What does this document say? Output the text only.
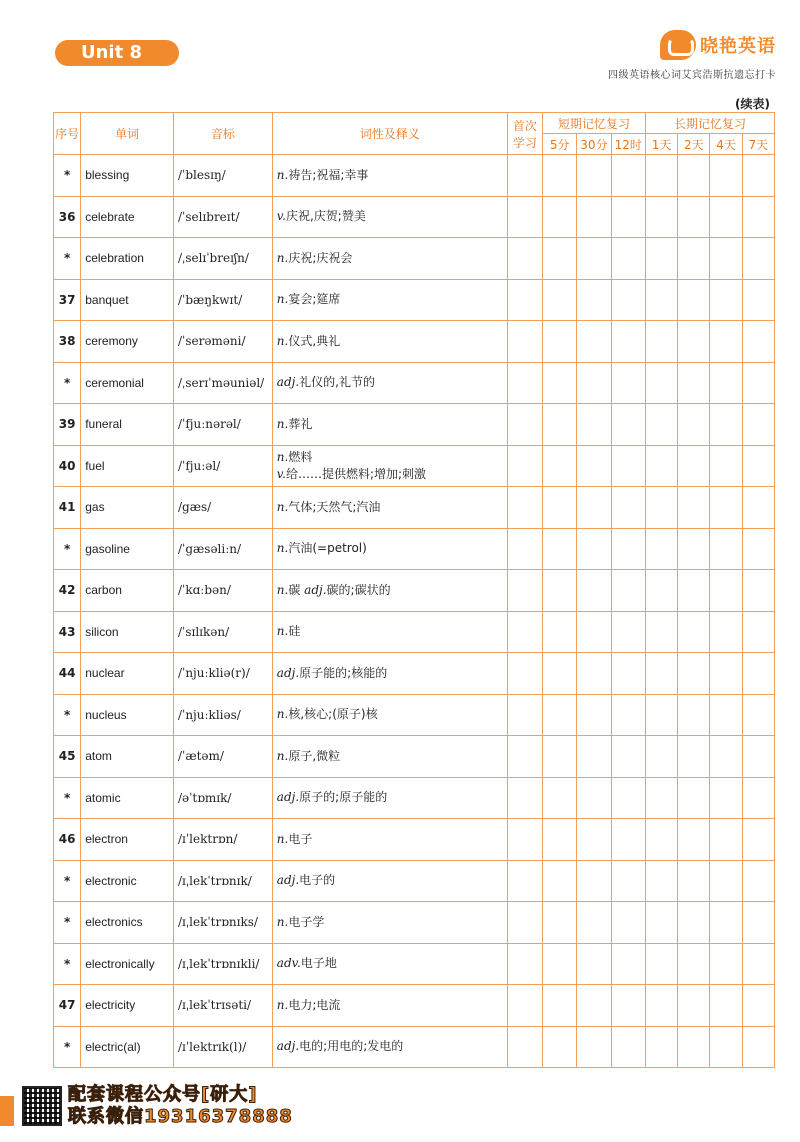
Unit 8	晓艳英语
四级英语核心词艾宾浩斯抗遗忘打卡
(续表)
序号	单词	音标	词性及释义	首次学习	短期记忆复习			长期记忆复习			
					5分	30分	12时	1天	2天	4天	7天
*	blessing	/ˈblesɪŋ/	n.祷告;祝福;幸事								

36	celebrate	/ˈselɪbreɪt/	v.庆祝,庆贺;赞美								

*	celebration	/ˌselɪˈbreɪʃn/	n.庆祝;庆祝会								

37	banquet	/ˈbæŋkwɪt/	n.宴会;筵席								

38	ceremony	/ˈserəməni/	n.仪式,典礼								

*	ceremonial	/ˌserɪˈməuniəl/	adj.礼仪的,礼节的								

39	funeral	/ˈfjuːnərəl/	n.葬礼								

40	fuel	/ˈfjuːəl/	n.燃料
v.给……提供燃料;增加;刺激								

41	gas	/gæs/	n.气体;天然气;汽油								

*	gasoline	/ˈgæsəliːn/	n.汽油(=petrol)								

42	carbon	/ˈkɑːbən/	n.碳 adj.碳的;碳状的								

43	silicon	/ˈsɪlɪkən/	n.硅								

44	nuclear	/ˈnjuːkliə(r)/	adj.原子能的;核能的								

*	nucleus	/ˈnjuːkliəs/	n.核,核心;(原子)核								

45	atom	/ˈætəm/	n.原子,微粒								

*	atomic	/əˈtɒmɪk/	adj.原子的;原子能的								

46	electron	/ɪˈlektrɒn/	n.电子								

*	electronic	/ɪˌlekˈtrɒnɪk/	adj.电子的								

*	electronics	/ɪˌlekˈtrɒnɪks/	n.电子学								

*	electronically	/ɪˌlekˈtrɒnɪkli/	adv.电子地								

47	electricity	/ɪˌlekˈtrɪsəti/	n.电力;电流								

*	electric(al)	/ɪˈlektrɪk(l)/	adj.电的;用电的;发电的								

配套课程公众号[研大]
联系微信19316378888
